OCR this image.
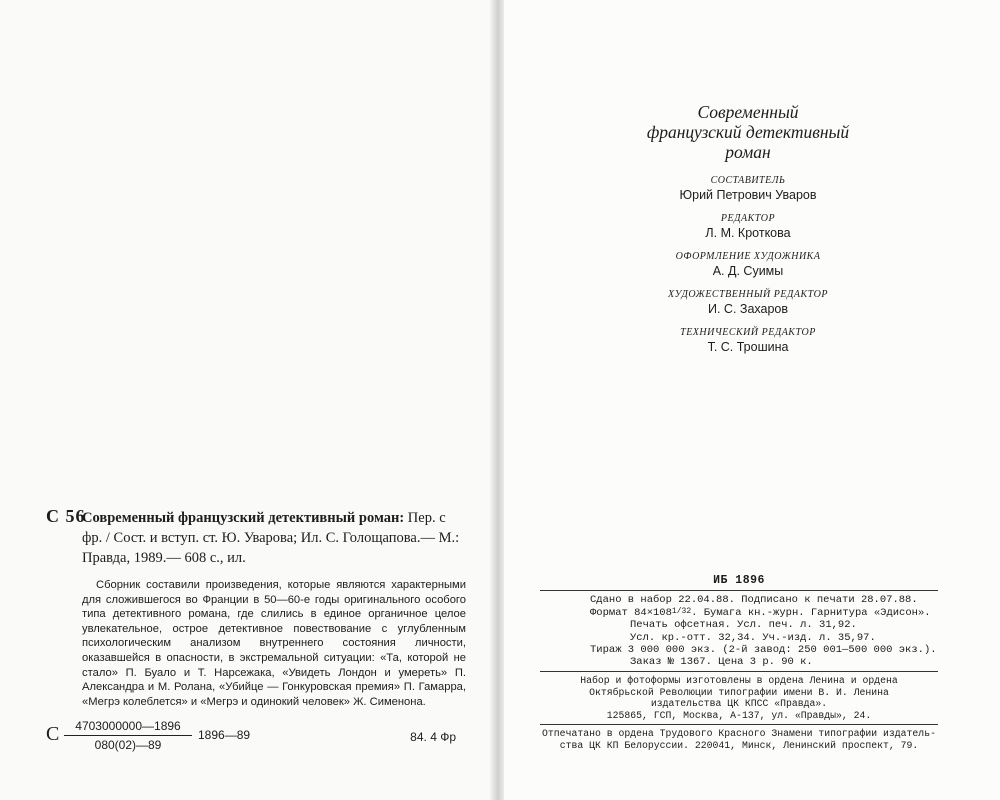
С 56
Современный французский детективный роман: Пер. с фр. / Сост. и вступ. ст. Ю. Уварова; Ил. С. Голощапова.— М.: Правда, 1989.— 608 с., ил.
Сборник составили произведения, которые являются характерными для сложившегося во Франции в 50—60-е годы оригинального особого типа детективного романа, где слились в единое органичное целое увлекательное, острое детективное повествование с углубленным психологическим анализом внутреннего состояния личности, оказавшейся в опасности, в экстремальной ситуации: «Та, которой не стало» П. Буало и Т. Нарсежака, «Увидеть Лондон и умереть» П. Александра и М. Ролана, «Убийце — Гонкуровская премия» П. Гамарра, «Мегрэ колеблется» и «Мегрэ и одинокий человек» Ж. Сименона.
С $\frac{4703000000—1896}{080(02)—89}$ 1896—89	84. 4 Фр
Современный
французский детективный
роман
СОСТАВИТЕЛЬ
Юрий Петрович Уваров
РЕДАКТОР
Л. М. Кроткова
ОФОРМЛЕНИЕ ХУДОЖНИКА
А. Д. Суимы
ХУДОЖЕСТВЕННЫЙ РЕДАКТОР
И. С. Захаров
ТЕХНИЧЕСКИЙ РЕДАКТОР
Т. С. Трошина
ИБ 1896
Сдано в набор 22.04.88. Подписано к печати 28.07.88.
Формат $84\times 108^{1/32}$. Бумага кн.-журн. Гарнитура «Эдисон».
Печать офсетная. Усл. печ. л. 31,92.
Усл. кр.-отт. 32,34. Уч.-изд. л. 35,97.
Тираж 3 000 000 экз. (2-й завод: 250 001—500 000 экз.).
Заказ № 1367. Цена 3 р. 90 к.
Набор и фотоформы изготовлены в ордена Ленина и ордена
Октябрьской Революции типографии имени В. И. Ленина
издательства ЦК КПСС «Правда».
125865, ГСП, Москва, А-137, ул. «Правды», 24.
Отпечатано в ордена Трудового Красного Знамени типографии издатель-
ства ЦК КП Белоруссии. 220041, Минск, Ленинский проспект, 79.
